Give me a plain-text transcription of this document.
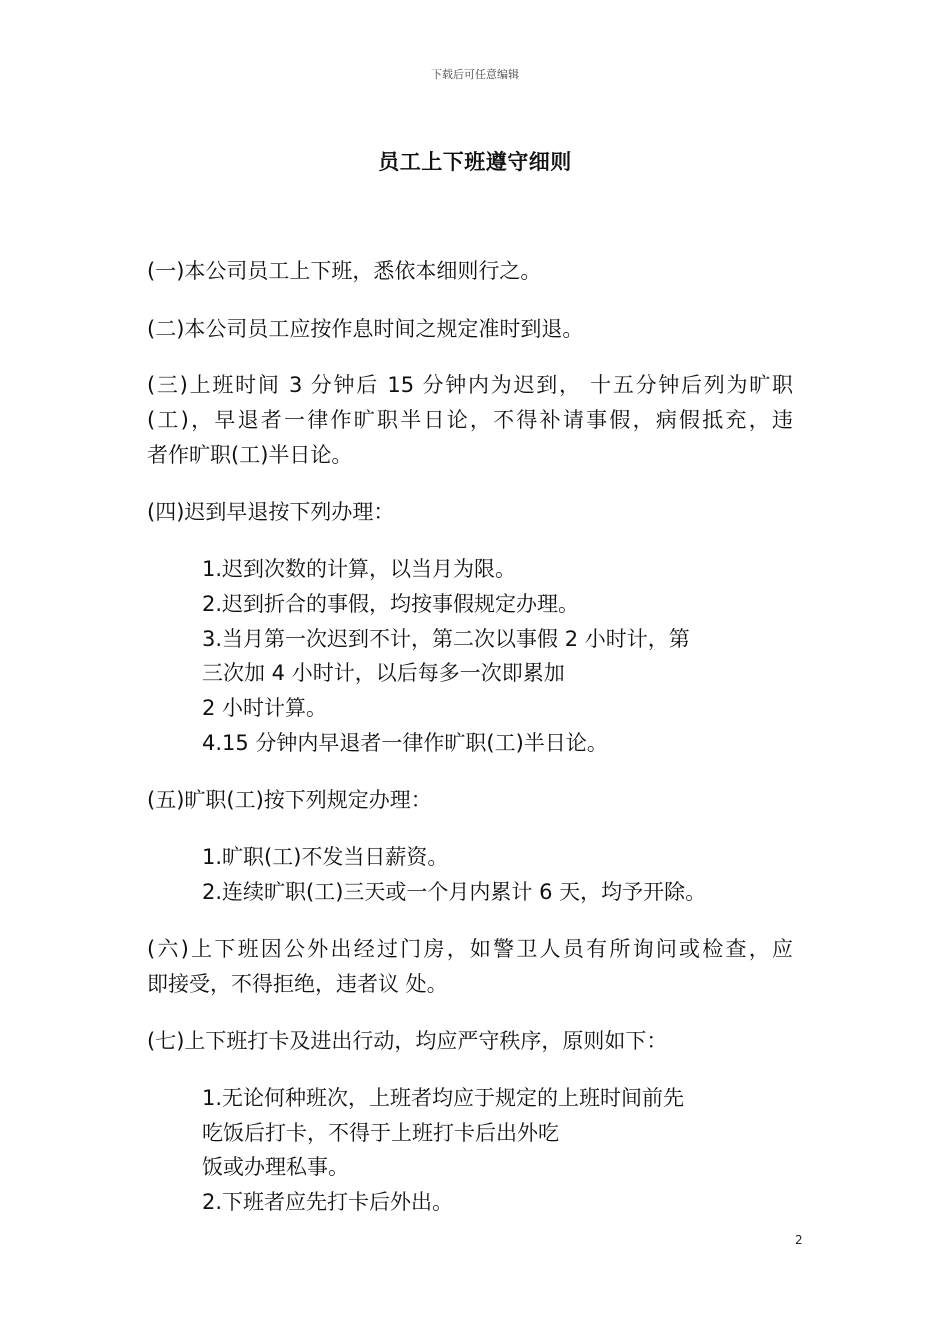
下载后可任意编辑
员工上下班遵守细则
(一)本公司员工上下班，悉依本细则行之。
(二)本公司员工应按作息时间之规定准时到退。
(三)上班时间 3 分钟后 15 分钟内为迟到， 十五分钟后列为旷职
(工)，早退者一律作旷职半日论，不得补请事假，病假抵充，违
者作旷职(工)半日论。
(四)迟到早退按下列办理：
1.迟到次数的计算，以当月为限。
2.迟到折合的事假，均按事假规定办理。
3.当月第一次迟到不计，第二次以事假 2 小时计，第
三次加 4 小时计，以后每多一次即累加
2 小时计算。
4.15 分钟内早退者一律作旷职(工)半日论。
(五)旷职(工)按下列规定办理：
1.旷职(工)不发当日薪资。
2.连续旷职(工)三天或一个月内累计 6 天，均予开除。
(六)上下班因公外出经过门房，如警卫人员有所询问或检查，应
即接受，不得拒绝，违者议 处。
(七)上下班打卡及进出行动，均应严守秩序，原则如下：
1.无论何种班次，上班者均应于规定的上班时间前先
吃饭后打卡，不得于上班打卡后出外吃
饭或办理私事。
2.下班者应先打卡后外出。
2
